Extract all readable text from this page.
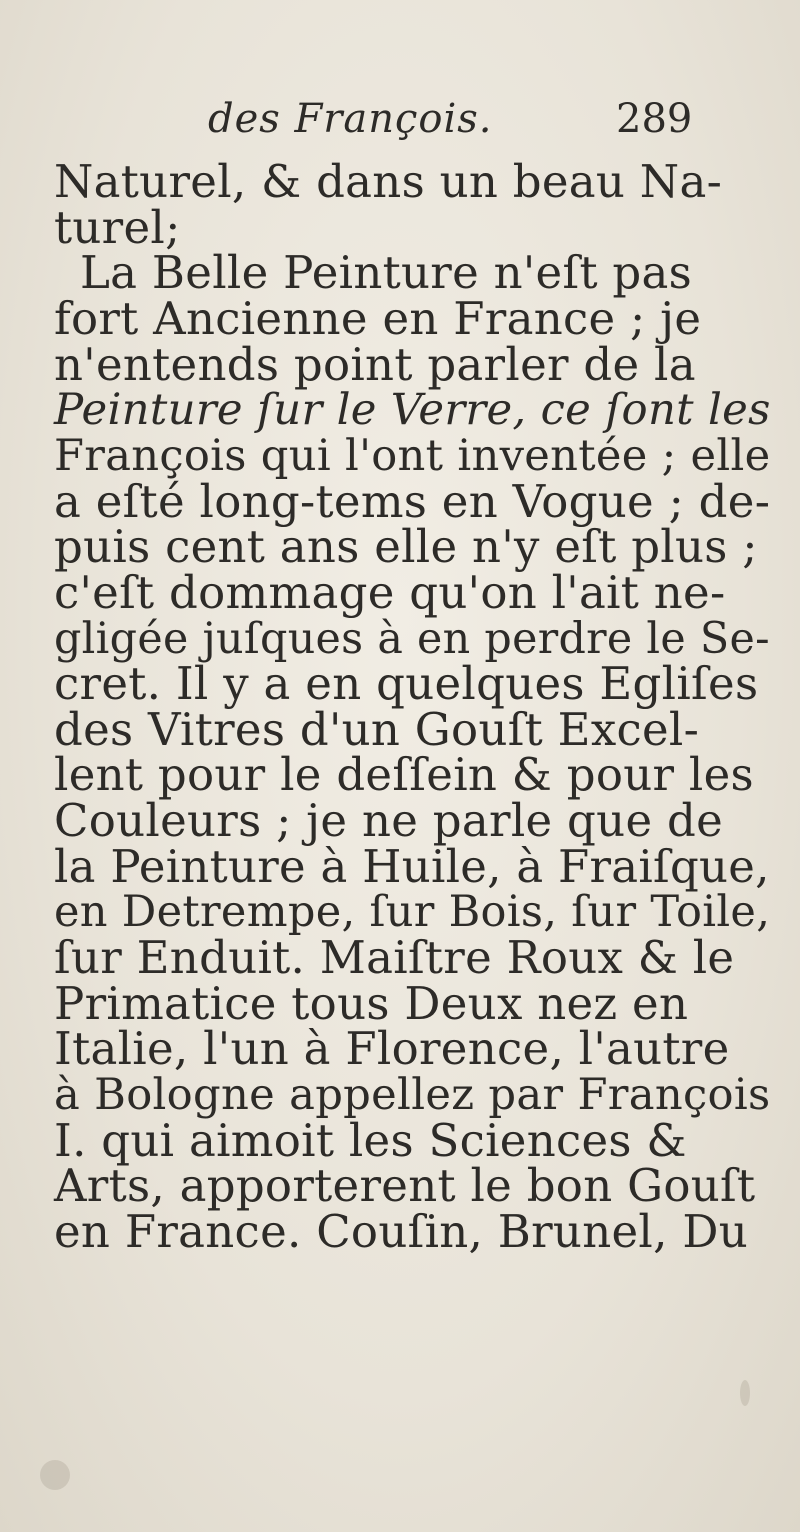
des François.	289
Naturel, & dans un beau Na-
turel;
La Belle Peinture n'eſt pas
fort Ancienne en France ; je
n'entends point parler de la
Peinture ſur le Verre, ce ſont les
François qui l'ont inventée ; elle
a eſté long-tems en Vogue ; de-
puis cent ans elle n'y eſt plus ;
c'eſt dommage qu'on l'ait ne-
gligée juſques à en perdre le Se-
cret. Il y a en quelques Egliſes
des Vitres d'un Gouſt Excel-
lent pour le deſſein & pour les
Couleurs ; je ne parle que de
la Peinture à Huile, à Fraiſque,
en Detrempe, ſur Bois, ſur Toile,
ſur Enduit. Maiſtre Roux & le
Primatice tous Deux nez en
Italie, l'un à Florence, l'autre
à Bologne appellez par François
I. qui aimoit les Sciences &
Arts, apporterent le bon Gouſt
en France. Couſin, Brunel, Du
